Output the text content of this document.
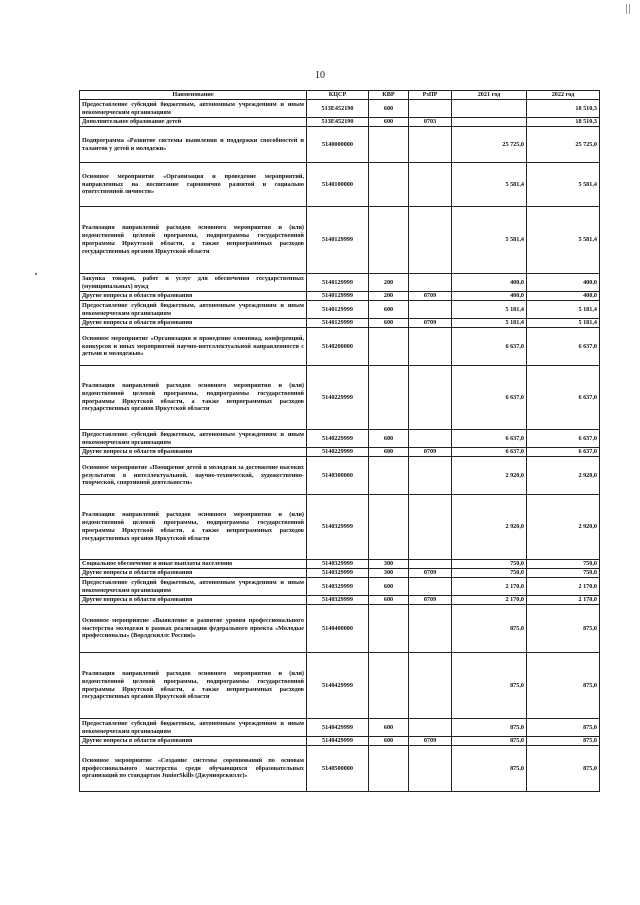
10
Наименование	КЦСР	КВР	РзПР	2021 год	2022 год
Предоставление субсидий бюджетным, автономным учреждениям и иным некоммерческим организациям	513E452190	600			18 510,3
Дополнительное образование детей	513E452190	600	0703		18 510,3
Подпрограмма «Развитие системы выявления и поддержки способностей и талантов у детей и молодежи»	5140000000			25 725,0	25 725,0
Основное мероприятие «Организация и проведение мероприятий, направленных на воспитание гармонично развитой и социально ответственной личности»	5140100000			5 581,4	5 581,4
Реализация направлений расходов основного мероприятия и (или) ведомственной целевой программы, подпрограммы государственной программы Иркутской области, а также непрограммных расходов государственных органов Иркутской области	5140129999			5 581,4	5 581,4
Закупка товаров, работ и услуг для обеспечения государственных (муниципальных) нужд	5140129999	200		400,0	400,0
Другие вопросы в области образования	5140129999	200	0709	400,0	400,0
Предоставление субсидий бюджетным, автономным учреждениям и иным некоммерческим организациям	5140129999	600		5 181,4	5 181,4
Другие вопросы в области образования	5140129999	600	0709	5 181,4	5 181,4
Основное мероприятие «Организация и проведение олимпиад, конференций, конкурсов и иных мероприятий научно-интеллектуальной направленности с детьми и молодежью»	5140200000			6 637,0	6 637,0
Реализация направлений расходов основного мероприятия и (или) ведомственной целевой программы, подпрограммы государственной программы Иркутской области, а также непрограммных расходов государственных органов Иркутской области	5140229999			6 637,0	6 637,0
Предоставление субсидий бюджетным, автономным учреждениям и иным некоммерческим организациям	5140229999	600		6 637,0	6 637,0
Другие вопросы в области образования	5140229999	600	0709	6 637,0	6 637,0
Основное мероприятие «Поощрение детей и молодежи за достижение высоких результатов в интеллектуальной, научно-технической, художественно-творческой, спортивной деятельности»	5140300000			2 920,0	2 920,0
Реализация направлений расходов основного мероприятия и (или) ведомственной целевой программы, подпрограммы государственной программы Иркутской области, а также непрограммных расходов государственных органов Иркутской области	5140329999			2 920,0	2 920,0
Социальное обеспечение и иные выплаты населению	5140329999	300		750,0	750,0
Другие вопросы в области образования	5140329999	300	0709	750,0	750,0
Предоставление субсидий бюджетным, автономным учреждениям и иным некоммерческим организациям	5140329999	600		2 170,0	2 170,0
Другие вопросы в области образования	5140329999	600	0709	2 170,0	2 170,0
Основное мероприятие «Выявление и развитие уровня профессионального мастерства молодежи в рамках реализации федерального проекта «Молодые профессионалы» (Ворлдскиллс России)»	5140400000			875,0	875,0
Реализация направлений расходов основного мероприятия и (или) ведомственной целевой программы, подпрограммы государственной программы Иркутской области, а также непрограммных расходов государственных органов Иркутской области	5140429999			875,0	875,0
Предоставление субсидий бюджетным, автономным учреждениям и иным некоммерческим организациям	5140429999	600		875,0	875,0
Другие вопросы в области образования	5140429999	600	0709	875,0	875,0
Основное мероприятие «Создание системы соревнований по основам профессионального мастерства среди обучающихся образовательных организаций по стандартам JuniorSkills (Джуниорскиллс)»	5140500000			875,0	875,0
